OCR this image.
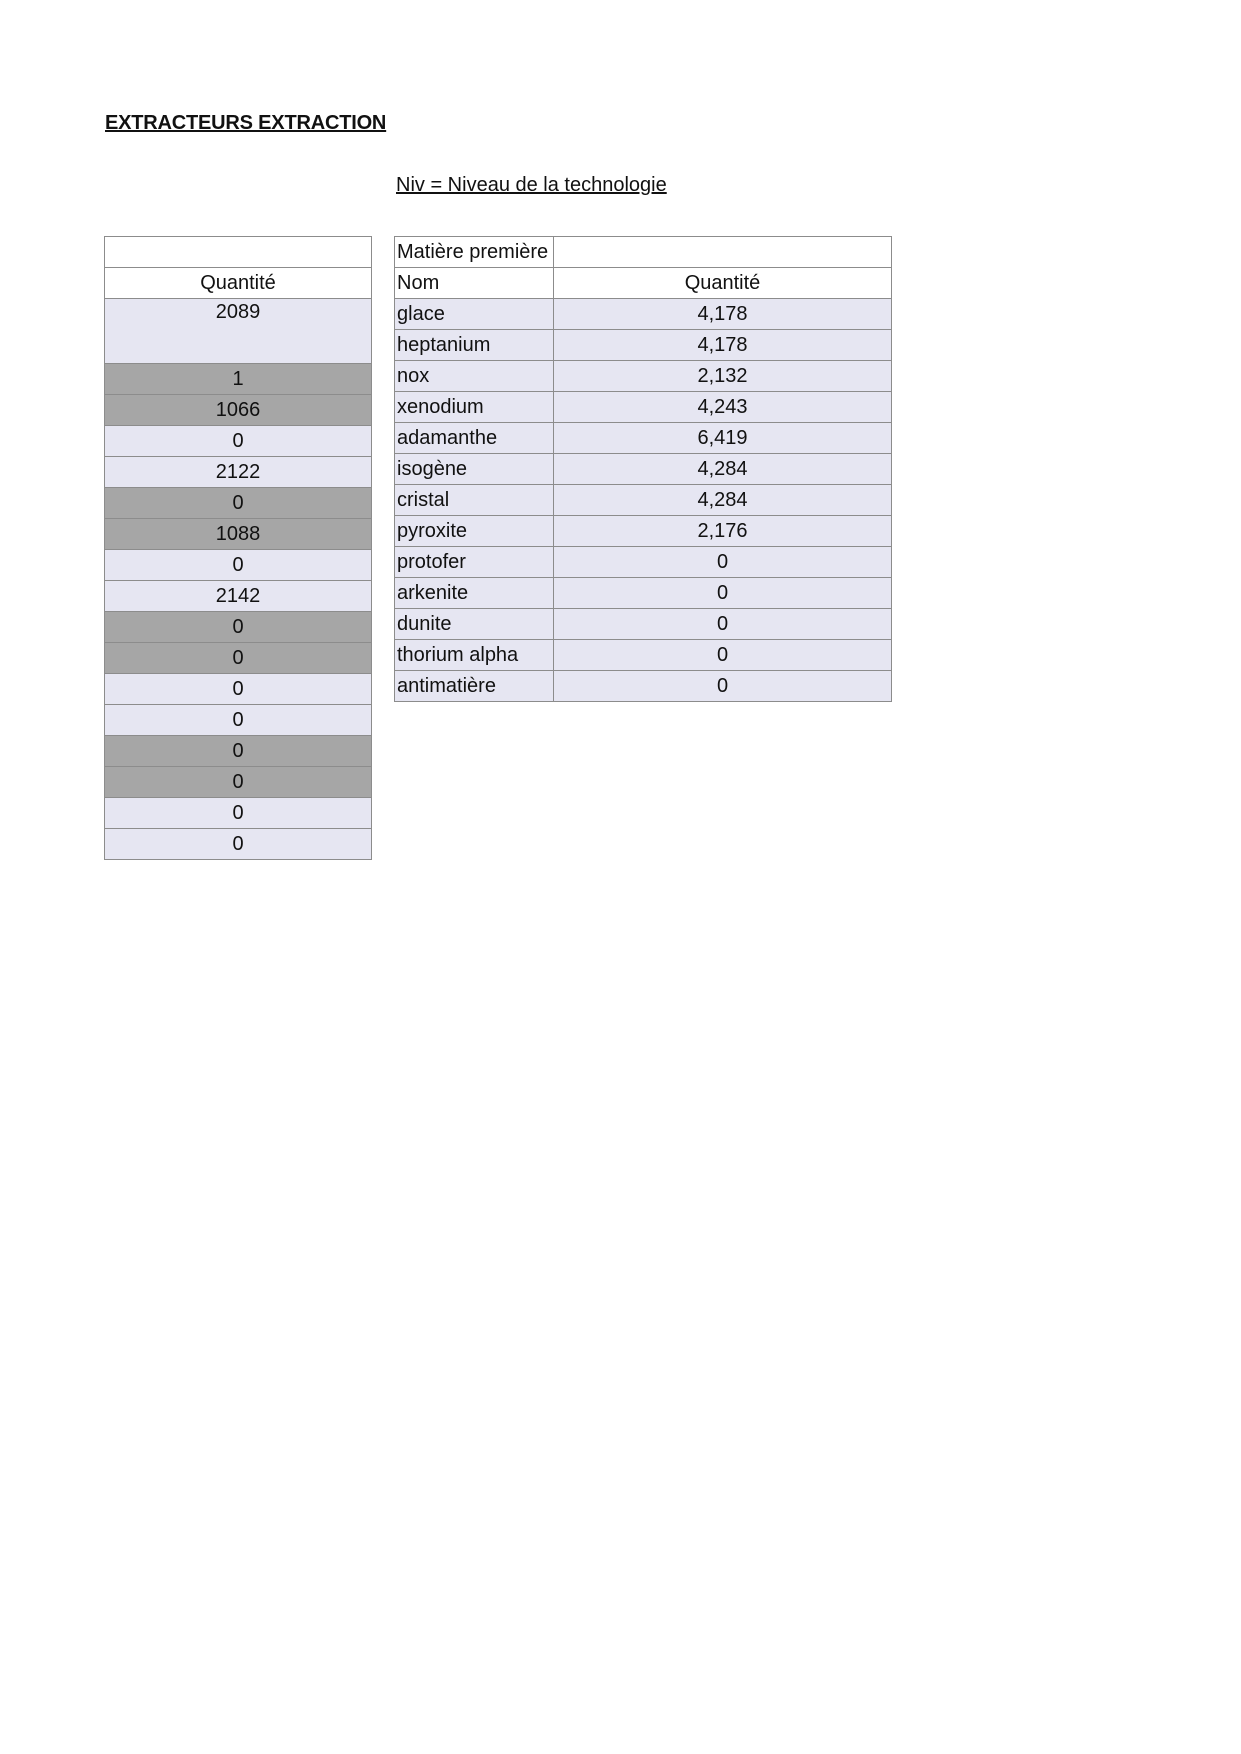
EXTRACTEURS EXTRACTION
Niv = Niveau de la technologie

Quantité
2089
1
1066
0
2122
0
1088
0
2142
0
0
0
0
0
0
0
0
Matière première	

Nom	Quantité
glace	4,178
heptanium	4,178
nox	2,132
xenodium	4,243
adamanthe	6,419
isogène	4,284
cristal	4,284
pyroxite	2,176
protofer	0
arkenite	0
dunite	0
thorium alpha	0
antimatière	0
